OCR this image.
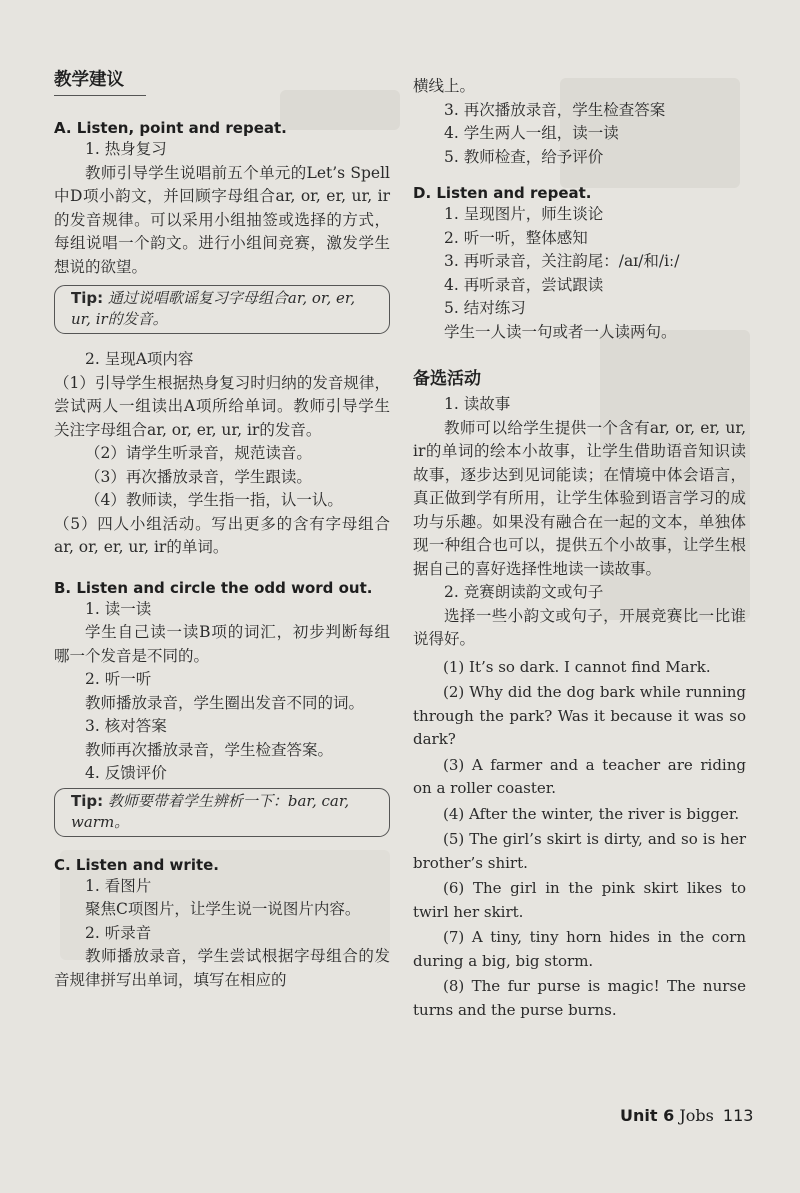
教学建议

A. Listen, point and repeat.

1. 热身复习

教师引导学生说唱前五个单元的Let’s Spell中D项小韵文，并回顾字母组合ar, or, er, ur, ir的发音规律。可以采用小组抽签或选择的方式，每组说唱一个韵文。进行小组间竞赛，激发学生想说的欲望。

Tip: 通过说唱歌谣复习字母组合ar, or, er, ur, ir的发音。

2. 呈现A项内容

（1）引导学生根据热身复习时归纳的发音规律，尝试两人一组读出A项所给单词。教师引导学生关注字母组合ar, or, er, ur, ir的发音。

（2）请学生听录音，规范读音。

（3）再次播放录音，学生跟读。

（4）教师读，学生指一指，认一认。

（5）四人小组活动。写出更多的含有字母组合ar, or, er, ur, ir的单词。

B. Listen and circle the odd word out.

1. 读一读

学生自己读一读B项的词汇，初步判断每组哪一个发音是不同的。

2. 听一听

教师播放录音，学生圈出发音不同的词。

3. 核对答案

教师再次播放录音，学生检查答案。

4. 反馈评价

Tip: 教师要带着学生辨析一下：bar, car, warm。

C. Listen and write.

1. 看图片

聚焦C项图片，让学生说一说图片内容。

2. 听录音

教师播放录音，学生尝试根据字母组合的发音规律拼写出单词，填写在相应的

横线上。

3. 再次播放录音，学生检查答案

4. 学生两人一组，读一读

5. 教师检查，给予评价

D. Listen and repeat.

1. 呈现图片，师生谈论

2. 听一听，整体感知

3. 再听录音，关注韵尾：/aɪ/和/iː/

4. 再听录音，尝试跟读

5. 结对练习

学生一人读一句或者一人读两句。

备选活动

1. 读故事

教师可以给学生提供一个含有ar, or, er, ur, ir的单词的绘本小故事，让学生借助语音知识读故事，逐步达到见词能读；在情境中体会语言，真正做到学有所用，让学生体验到语言学习的成功与乐趣。如果没有融合在一起的文本，单独体现一种组合也可以，提供五个小故事，让学生根据自己的喜好选择性地读一读故事。

2. 竞赛朗读韵文或句子

选择一些小韵文或句子，开展竞赛比一比谁说得好。

(1) It’s so dark. I cannot find Mark.

(2) Why did the dog bark while running through the park? Was it because it was so dark?

(3) A farmer and a teacher are riding on a roller coaster.

(4) After the winter, the river is bigger.

(5) The girl’s skirt is dirty, and so is her brother’s shirt.

(6) The girl in the pink skirt likes to twirl her skirt.

(7) A tiny, tiny horn hides in the corn during a big, big storm.

(8) The fur purse is magic! The nurse turns and the purse burns.

Unit 6 Jobs 113
